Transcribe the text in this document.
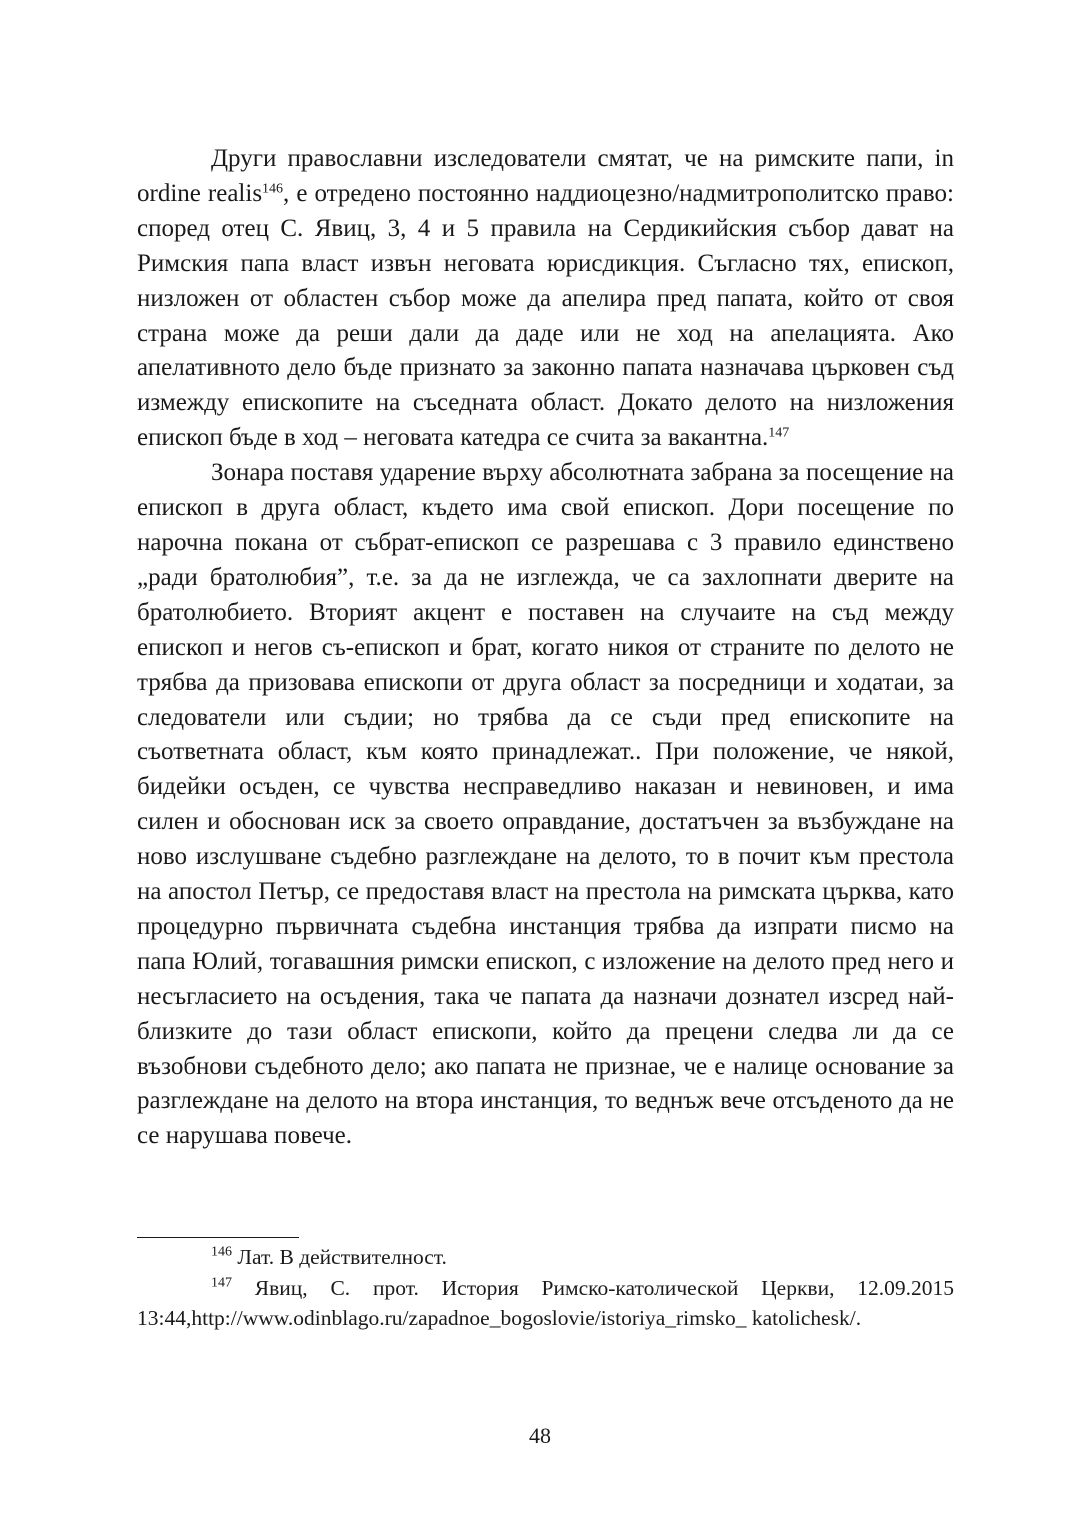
Други православни изследователи смятат, че на римските папи, in ordine realis$^{146}$, е отредено постоянно наддиоцезно/надмитрополитско право: според отец С. Явиц, 3, 4 и 5 правила на Сердикийския събор дават на Римския папа власт извън неговата юрисдикция. Съгласно тях, епископ, низложен от областен събор може да апелира пред папата, който от своя страна може да реши дали да даде или не ход на апелацията. Ако апелативното дело бъде признато за законно папата назначава църковен съд измежду епископите на съседната област. Докато делото на низложения епископ бъде в ход – неговата катедра се счита за вакантна.$^{147}$

Зонара поставя ударение върху абсолютната забрана за посещение на епископ в друга област, където има свой епископ. Дори посещение по нарочна покана от събрат-епископ се разрешава с 3 правило единствено „ради братолюбия”, т.е. за да не изглежда, че са захлопнати дверите на братолюбието. Вторият акцент е поставен на случаите на съд между епископ и негов съ-епископ и брат, когато никоя от страните по делото не трябва да призовава епископи от друга област за посредници и ходатаи, за следователи или съдии; но трябва да се съди пред епископите на съответната област, към която принадлежат.. При положение, че някой, бидейки осъден, се чувства несправедливо наказан и невиновен, и има силен и обоснован иск за своето оправдание, достатъчен за възбуждане на ново изслушване съдебно разглеждане на делото, то в почит към престола на апостол Петър, се предоставя власт на престола на римската църква, като процедурно първичната съдебна инстанция трябва да изпрати писмо на папа Юлий, тогавашния римски епископ, с изложение на делото пред него и несъгласието на осъдения, така че папата да назначи дознател изсред най-близките до тази област епископи, който да прецени следва ли да се възобнови съдебното дело; ако папата не признае, че е налице основание за разглеждане на делото на втора инстанция, то веднъж вече отсъденото да не се нарушава повече.

$^{146}$ Лат. В действителност.

$^{147}$ Явиц, С. прот. История Римско-католической Церкви, 12.09.2015 13:44,http://www.odinblago.ru/zapadnoe_bogoslovie/istoriya_rimsko_ katolichesk/.

48
